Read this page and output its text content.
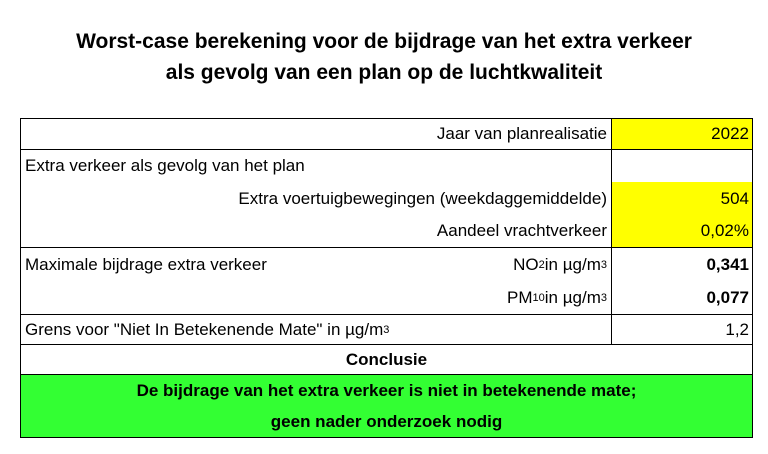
Worst-case berekening voor de bijdrage van het extra verkeer
als gevolg van een plan op de luchtkwaliteit
Jaar van planrealisatie	2022
Extra verkeer als gevolg van het plan
Extra voertuigbewegingen (weekdaggemiddelde)	504
Aandeel vrachtverkeer	0,02%
Maximale bijdrage extra verkeer	NO 2 in µg/m 3	0,341
PM 10 in µg/m 3	0,077
Grens voor "Niet In Betekenende Mate" in µg/m 3	1,2
Conclusie
De bijdrage van het extra verkeer is niet in betekenende mate;
geen nader onderzoek nodig
